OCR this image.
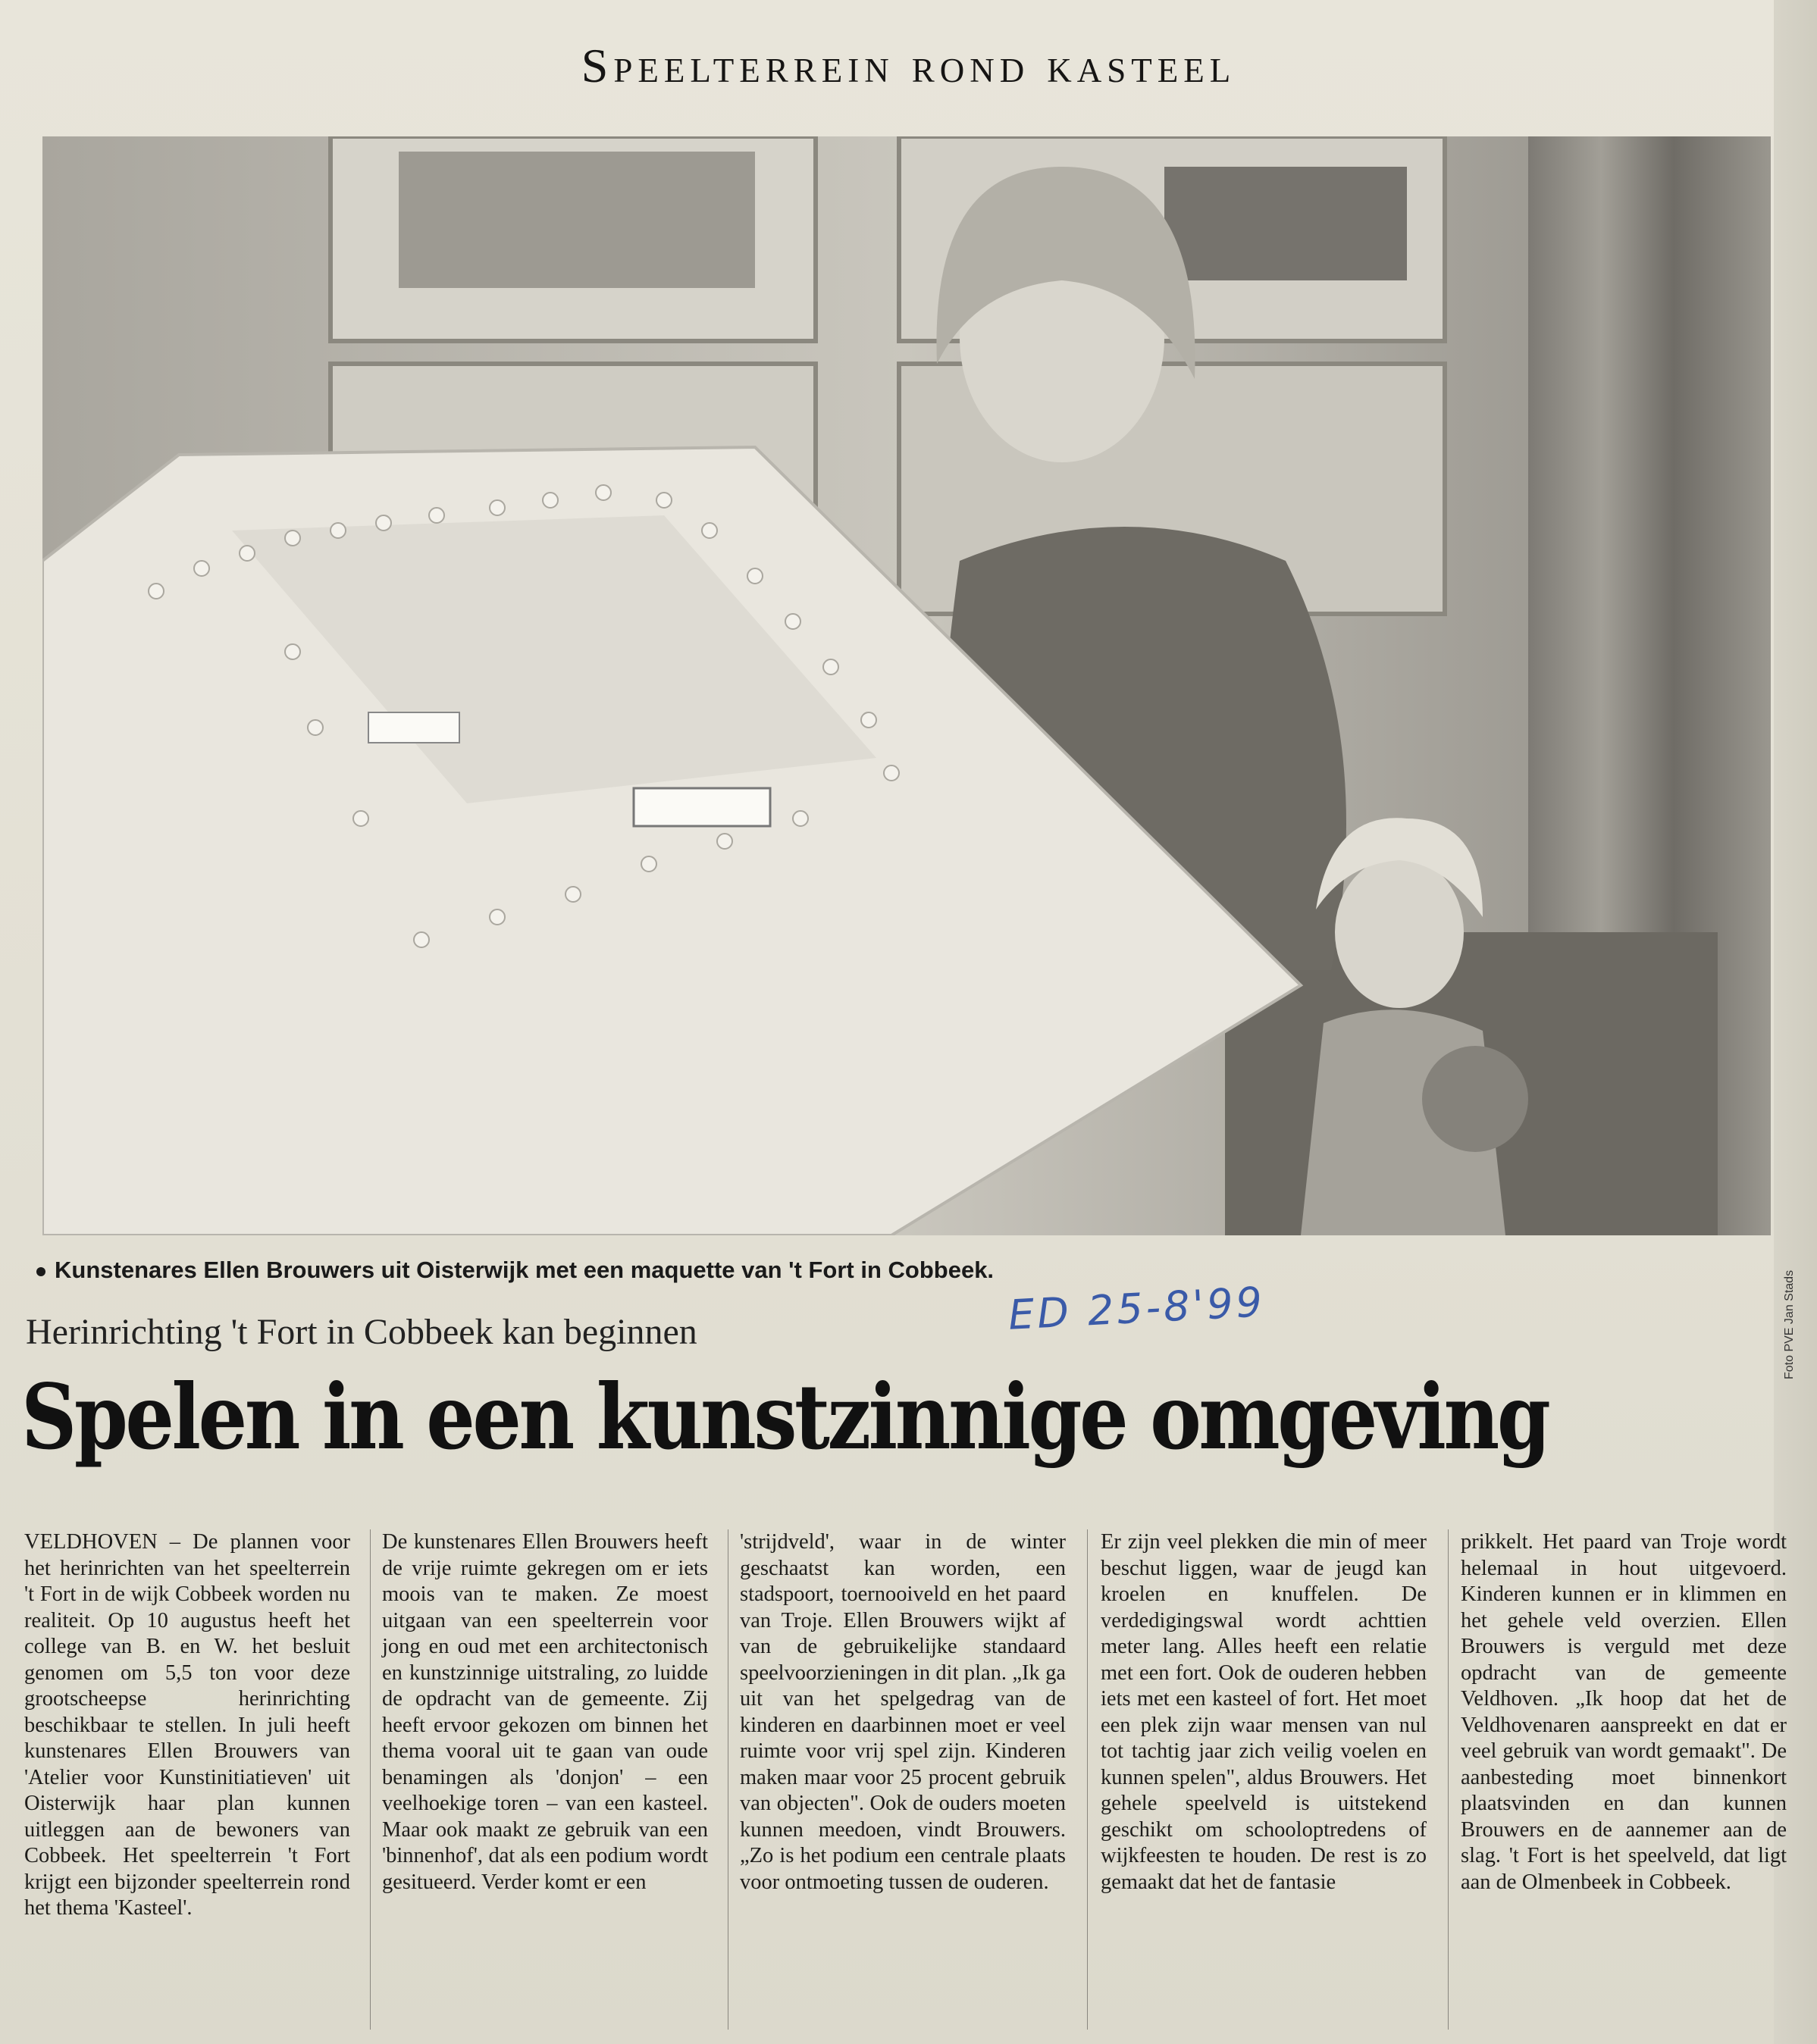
Speelterrein rond kasteel
Foto PVE Jan Stads
Kunstenares Ellen Brouwers uit Oisterwijk met een maquette van 't Fort in Cobbeek.
ED 25-8'99
Herinrichting 't Fort in Cobbeek kan beginnen
Spelen in een kunstzinnige omgeving

VELDHOVEN – De plannen voor het herinrichten van het speelterrein 't Fort in de wijk Cobbeek worden nu realiteit. Op 10 augustus heeft het college van B. en W. het besluit genomen om 5,5 ton voor deze grootscheepse herinrichting beschikbaar te stellen. In juli heeft kunstenares Ellen Brouwers van 'Atelier voor Kunstinitiatieven' uit Oisterwijk haar plan kunnen uitleggen aan de bewoners van Cobbeek. Het speelterrein 't Fort krijgt een bijzonder speelterrein rond het thema 'Kasteel'.

De kunstenares Ellen Brouwers heeft de vrije ruimte gekregen om er iets moois van te maken. Ze moest uitgaan van een speelterrein voor jong en oud met een architectonisch en kunstzinnige uitstraling, zo luidde de opdracht van de gemeente. Zij heeft ervoor gekozen om binnen het thema vooral uit te gaan van oude benamingen als 'donjon' – een veelhoekige toren – van een kasteel. Maar ook maakt ze gebruik van een 'binnenhof', dat als een podium wordt gesitueerd. Verder komt er een

'strijdveld', waar in de winter geschaatst kan worden, een stadspoort, toernooiveld en het paard van Troje. Ellen Brouwers wijkt af van de gebruikelijke standaard speelvoorzieningen in dit plan. „Ik ga uit van het spelgedrag van de kinderen en daarbinnen moet er veel ruimte voor vrij spel zijn. Kinderen maken maar voor 25 procent gebruik van objecten". Ook de ouders moeten kunnen meedoen, vindt Brouwers. „Zo is het podium een centrale plaats voor ontmoeting tussen de ouderen.

Er zijn veel plekken die min of meer beschut liggen, waar de jeugd kan kroelen en knuffelen. De verdedigingswal wordt achttien meter lang. Alles heeft een relatie met een fort. Ook de ouderen hebben iets met een kasteel of fort. Het moet een plek zijn waar mensen van nul tot tachtig jaar zich veilig voelen en kunnen spelen", aldus Brouwers. Het gehele speelveld is uitstekend geschikt om schooloptredens of wijkfeesten te houden. De rest is zo gemaakt dat het de fantasie

prikkelt. Het paard van Troje wordt helemaal in hout uitgevoerd. Kinderen kunnen er in klimmen en het gehele veld overzien. Ellen Brouwers is verguld met deze opdracht van de gemeente Veldhoven. „Ik hoop dat het de Veldhovenaren aanspreekt en dat er veel gebruik van wordt gemaakt". De aanbesteding moet binnenkort plaatsvinden en dan kunnen Brouwers en de aannemer aan de slag. 't Fort is het speelveld, dat ligt aan de Olmenbeek in Cobbeek.
